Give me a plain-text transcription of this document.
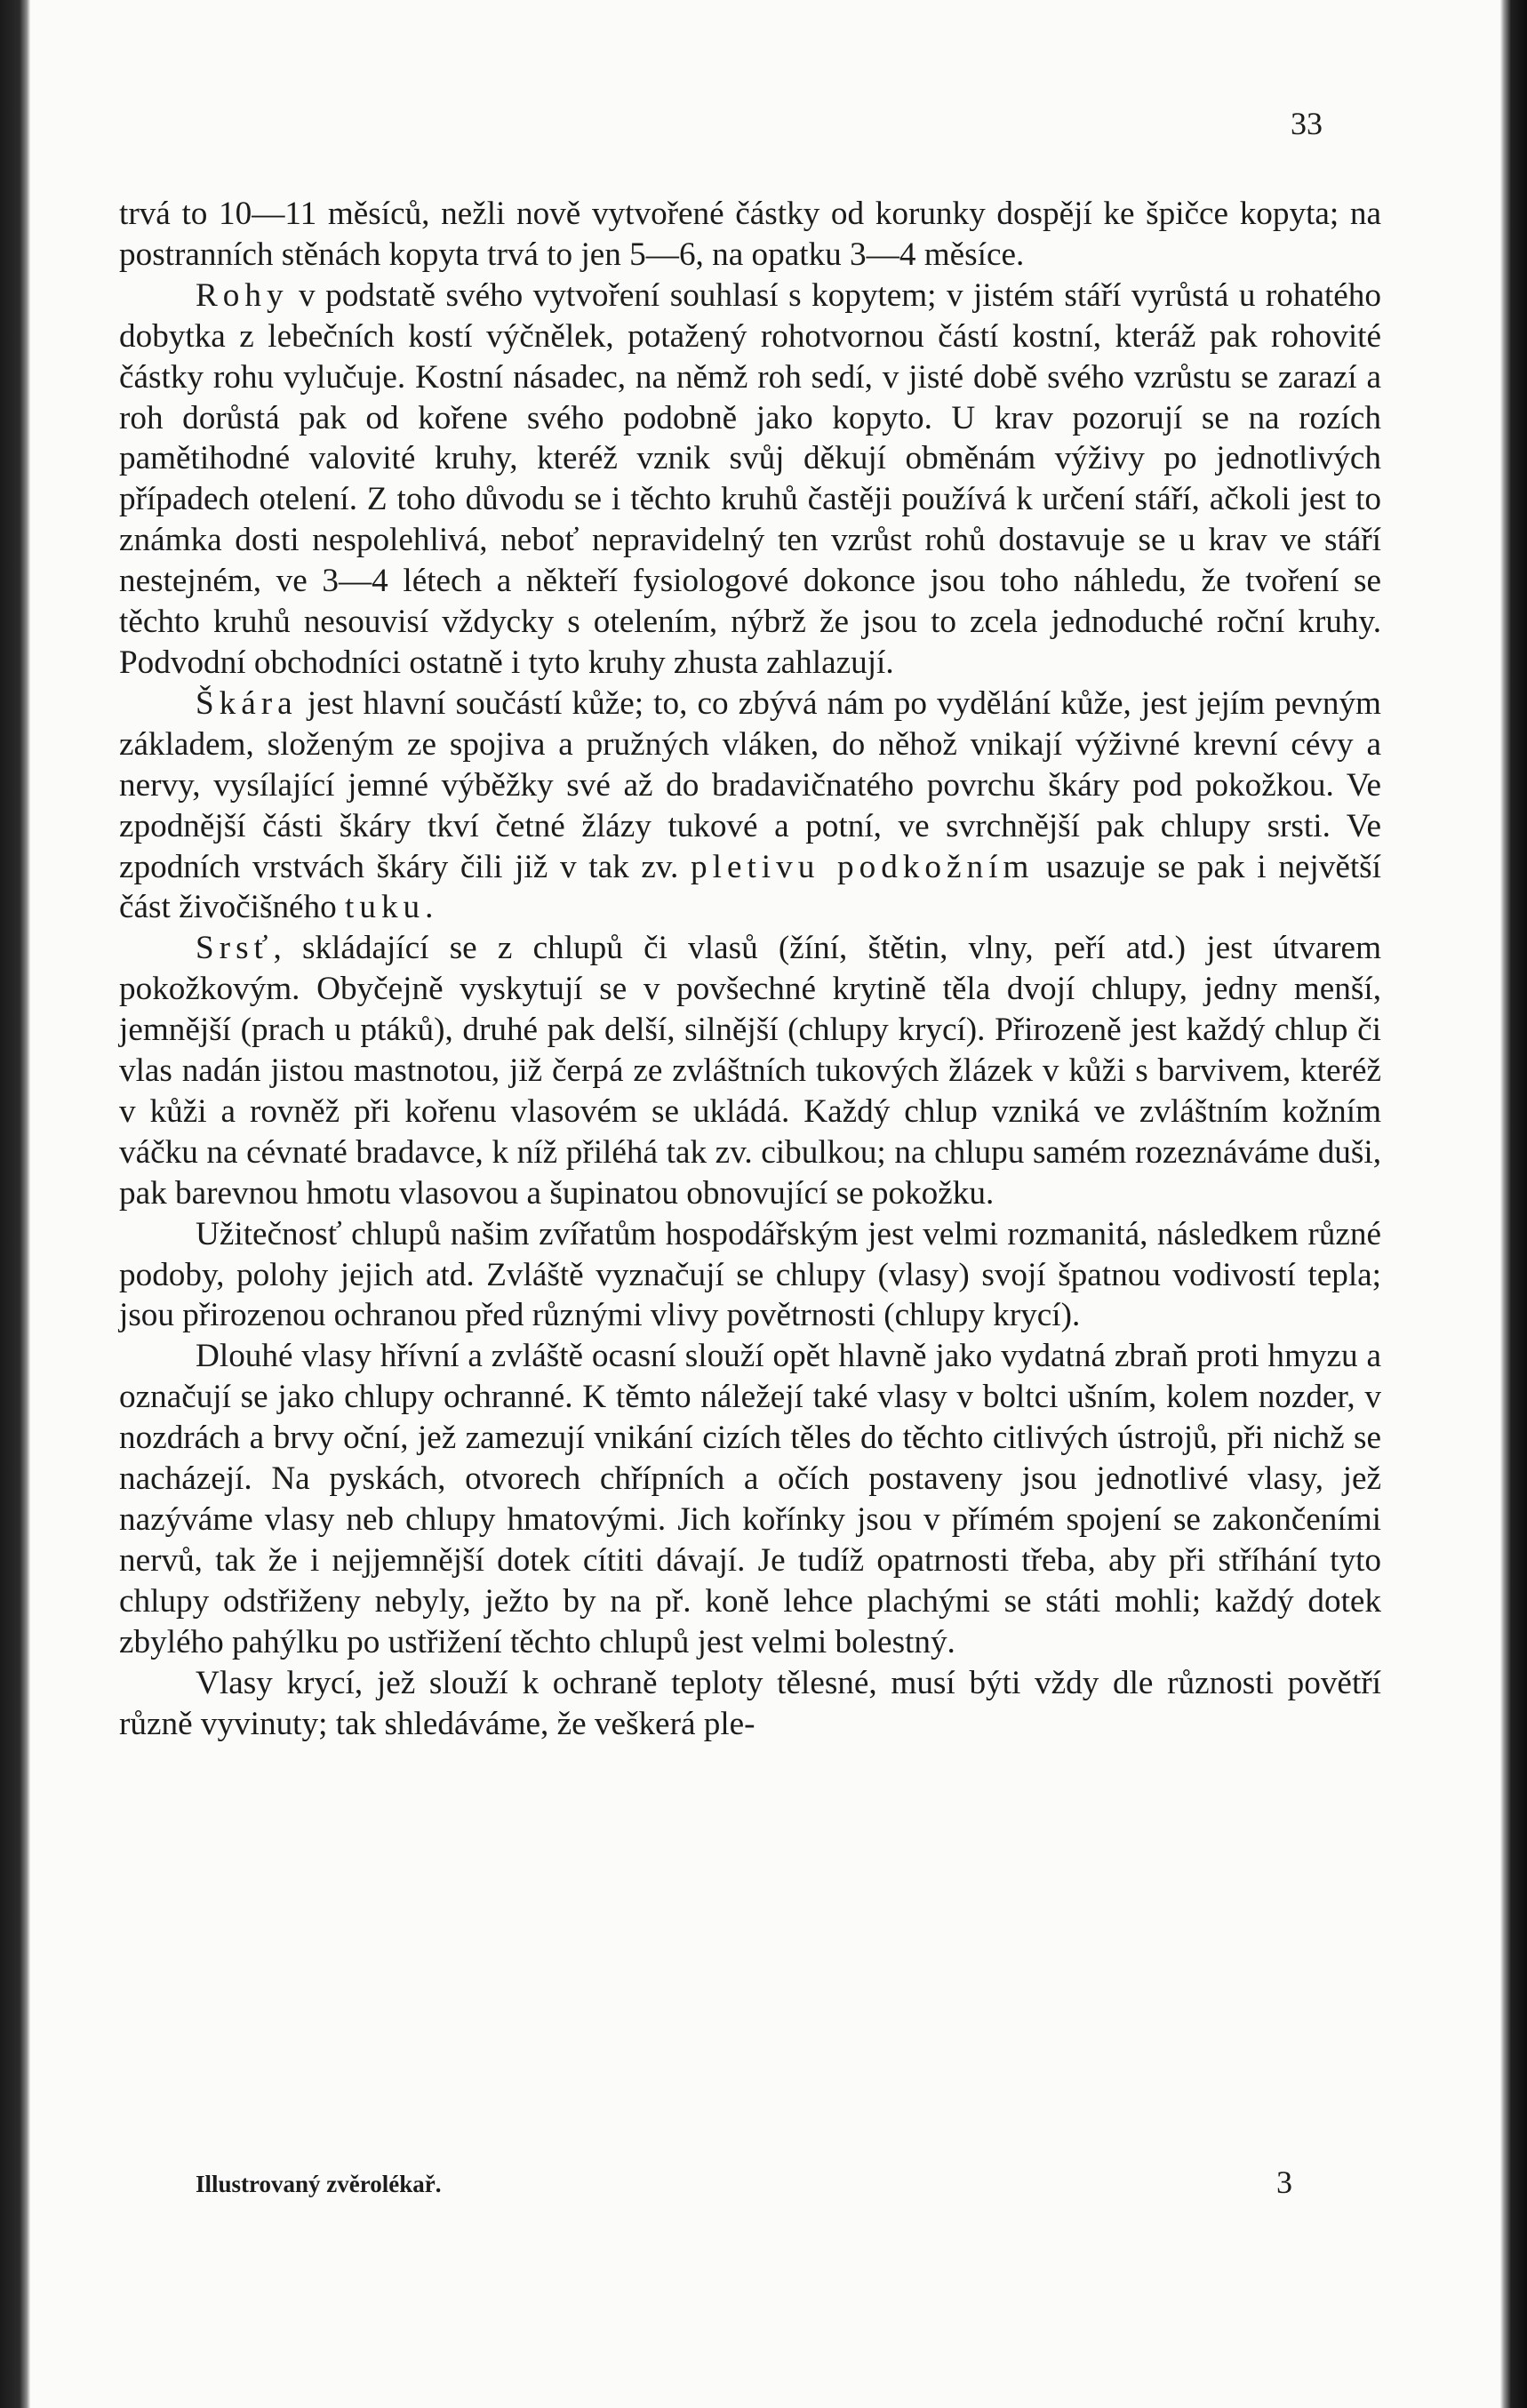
33

trvá to 10—11 měsíců, nežli nově vytvořené částky od korunky dospějí ke špičce kopyta; na postranních stěnách kopyta trvá to jen 5—6, na opatku 3—4 měsíce.

Rohy v podstatě svého vytvoření souhlasí s kopytem; v jistém stáří vyrůstá u rohatého dobytka z lebečních kostí výčnělek, potažený rohotvornou částí kostní, kteráž pak rohovité částky rohu vylučuje. Kostní násadec, na němž roh sedí, v jisté době svého vzrůstu se zarazí a roh dorůstá pak od kořene svého podobně jako kopyto. U krav pozorují se na rozích pamětihodné valovité kruhy, kteréž vznik svůj děkují obměnám výživy po jednotlivých případech otelení. Z toho důvodu se i těchto kruhů častěji používá k určení stáří, ačkoli jest to známka dosti nespolehlivá, neboť nepravidelný ten vzrůst rohů dostavuje se u krav ve stáří nestejném, ve 3—4 létech a někteří fysiologové dokonce jsou toho náhledu, že tvoření se těchto kruhů nesouvisí vždycky s otelením, nýbrž že jsou to zcela jednoduché roční kruhy. Podvodní obchodníci ostatně i tyto kruhy zhusta zahlazují.

Škára jest hlavní součástí kůže; to, co zbývá nám po vydělání kůže, jest jejím pevným základem, složeným ze spojiva a pružných vláken, do něhož vnikají výživné krevní cévy a nervy, vysílající jemné výběžky své až do bradavičnatého povrchu škáry pod pokožkou. Ve zpodnější části škáry tkví četné žlázy tukové a potní, ve svrchnější pak chlupy srsti. Ve zpodních vrstvách škáry čili již v tak zv. pletivu podkožním usazuje se pak i největší část živočišného tuku.

Srsť, skládající se z chlupů či vlasů (žíní, štětin, vlny, peří atd.) jest útvarem pokožkovým. Obyčejně vyskytují se v povšechné krytině těla dvojí chlupy, jedny menší, jemnější (prach u ptáků), druhé pak delší, silnější (chlupy krycí). Přirozeně jest každý chlup či vlas nadán jistou mastnotou, již čerpá ze zvláštních tukových žlázek v kůži s barvivem, kteréž v kůži a rovněž při kořenu vlasovém se ukládá. Každý chlup vzniká ve zvláštním kožním váčku na cévnaté bradavce, k níž přiléhá tak zv. cibulkou; na chlupu samém rozeznáváme duši, pak barevnou hmotu vlasovou a šupinatou obnovující se pokožku.

Užitečnosť chlupů našim zvířatům hospodářským jest velmi rozmanitá, následkem různé podoby, polohy jejich atd. Zvláště vyznačují se chlupy (vlasy) svojí špatnou vodivostí tepla; jsou přirozenou ochranou před různými vlivy povětrnosti (chlupy krycí).

Dlouhé vlasy hřívní a zvláště ocasní slouží opět hlavně jako vydatná zbraň proti hmyzu a označují se jako chlupy ochranné. K těmto náležejí také vlasy v boltci ušním, kolem nozder, v nozdrách a brvy oční, jež zamezují vnikání cizích těles do těchto citlivých ústrojů, při nichž se nacházejí. Na pyskách, otvorech chřípních a očích postaveny jsou jednotlivé vlasy, jež nazýváme vlasy neb chlupy hmatovými. Jich kořínky jsou v přímém spojení se zakončeními nervů, tak že i nejjemnější dotek cítiti dávají. Je tudíž opatrnosti třeba, aby při stříhání tyto chlupy odstřiženy nebyly, ježto by na př. koně lehce plachými se státi mohli; každý dotek zbylého pahýlku po ustřižení těchto chlupů jest velmi bolestný.

Vlasy krycí, jež slouží k ochraně teploty tělesné, musí býti vždy dle různosti povětří různě vyvinuty; tak shledáváme, že veškerá ple-

Illustrovaný zvěrolékař.	3
